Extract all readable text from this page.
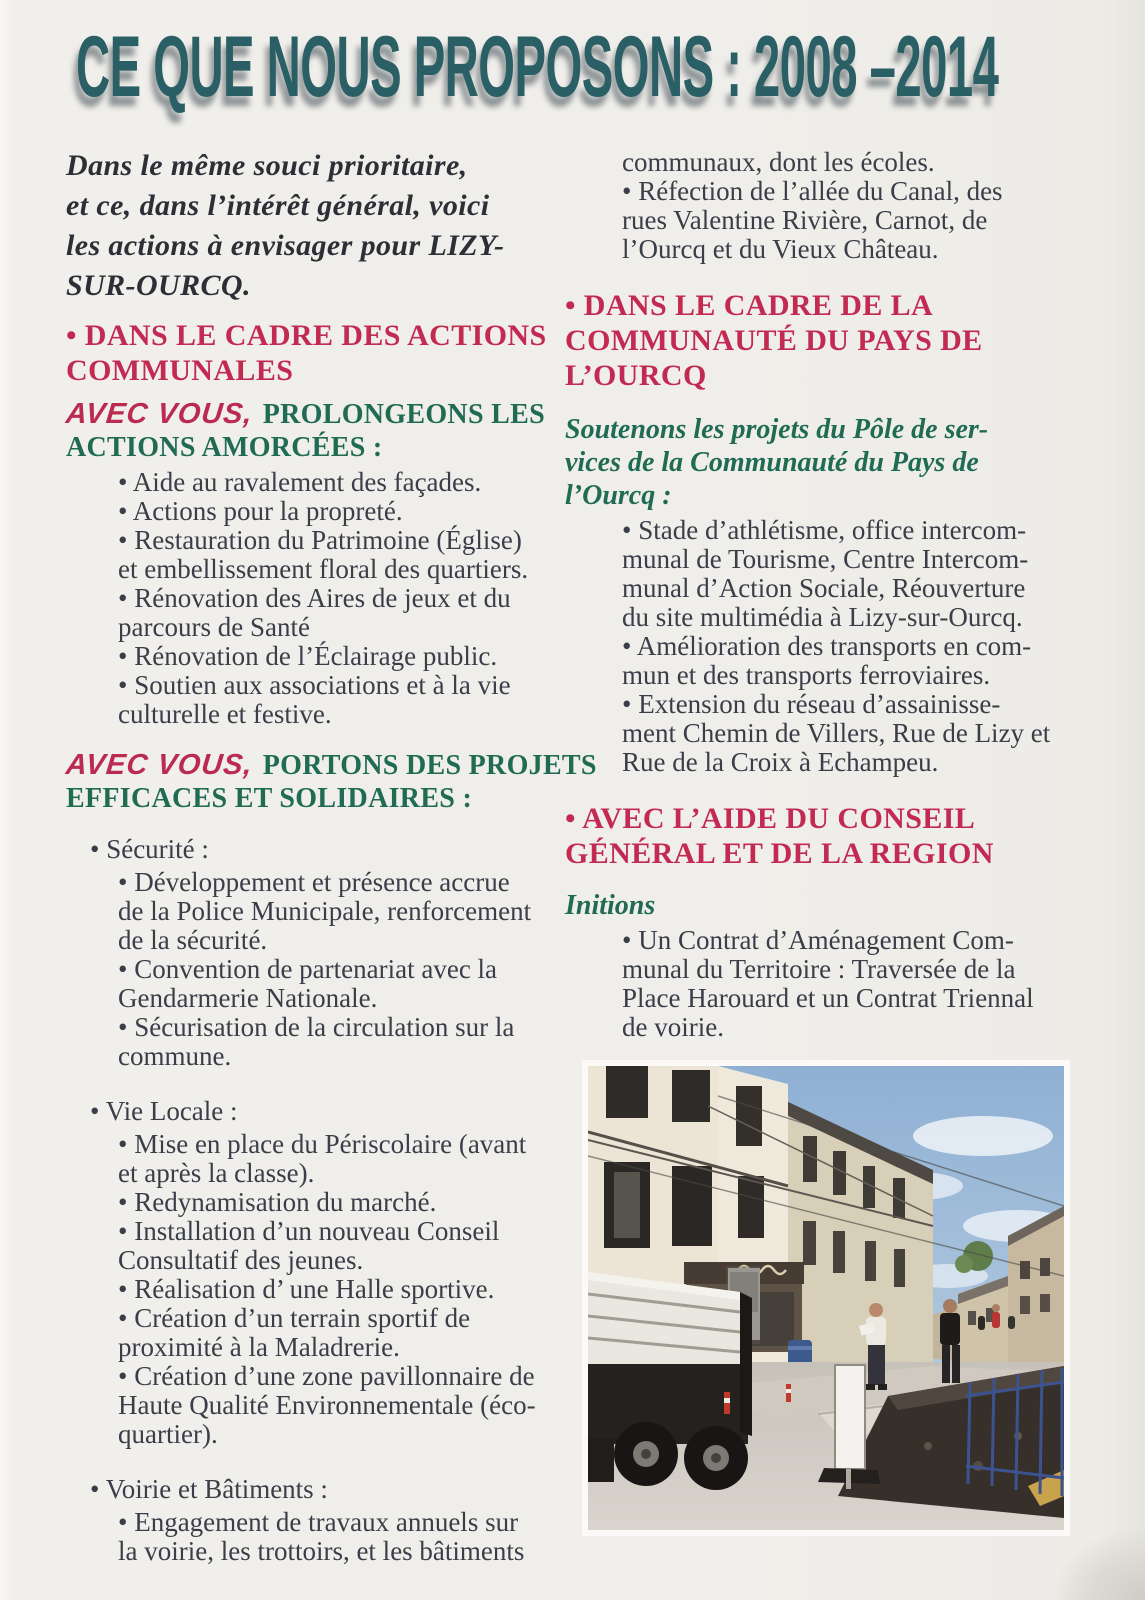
CE QUE NOUS PROPOSONS : 2008 –2014
Dans le même souci prioritaire,
et ce, dans l’intérêt général, voici
les actions à envisager pour LIZY-
SUR-OURCQ.
• DANS LE CADRE DES ACTIONS
COMMUNALES
AVEC VOUS, PROLONGEONS LES
ACTIONS AMORCÉES :
• Aide au ravalement des façades.
• Actions pour la propreté.
• Restauration du Patrimoine (Église)
et embellissement floral des quartiers.
• Rénovation des Aires de jeux et du
parcours de Santé
• Rénovation de l’Éclairage public.
• Soutien aux associations et à la vie
culturelle et festive.
AVEC VOUS, PORTONS DES PROJETS
EFFICACES ET SOLIDAIRES :
• Sécurité :
• Développement et présence accrue
de la Police Municipale, renforcement
de la sécurité.
• Convention de partenariat avec la
Gendarmerie Nationale.
• Sécurisation de la circulation sur la
commune.
• Vie Locale :
• Mise en place du Périscolaire (avant
et après la classe).
• Redynamisation du marché.
• Installation d’un nouveau Conseil
Consultatif des jeunes.
• Réalisation d’ une Halle sportive.
• Création d’un terrain sportif de
proximité à la Maladrerie.
• Création d’une zone pavillonnaire de
Haute Qualité Environnementale (éco-
quartier).
• Voirie et Bâtiments :
• Engagement de travaux annuels sur
la voirie, les trottoirs, et les bâtiments
communaux, dont les écoles.
• Réfection de l’allée du Canal, des
rues Valentine Rivière, Carnot, de
l’Ourcq et du Vieux Château.
• DANS LE CADRE DE LA
COMMUNAUTÉ DU PAYS DE
L’OURCQ
Soutenons les projets du Pôle de ser-
vices de la Communauté du Pays de
l’Ourcq :
• Stade d’athlétisme, office intercom-
munal de Tourisme, Centre Intercom-
munal d’Action Sociale, Réouverture
du site multimédia à Lizy-sur-Ourcq.
• Amélioration des transports en com-
mun et des transports ferroviaires.
• Extension du réseau d’assainisse-
ment Chemin de Villers, Rue de Lizy et
Rue de la Croix à Echampeu.
• AVEC L’AIDE DU CONSEIL
GÉNÉRAL ET DE LA REGION
Initions
• Un Contrat d’Aménagement Com-
munal du Territoire : Traversée de la
Place Harouard et un Contrat Triennal
de voirie.
